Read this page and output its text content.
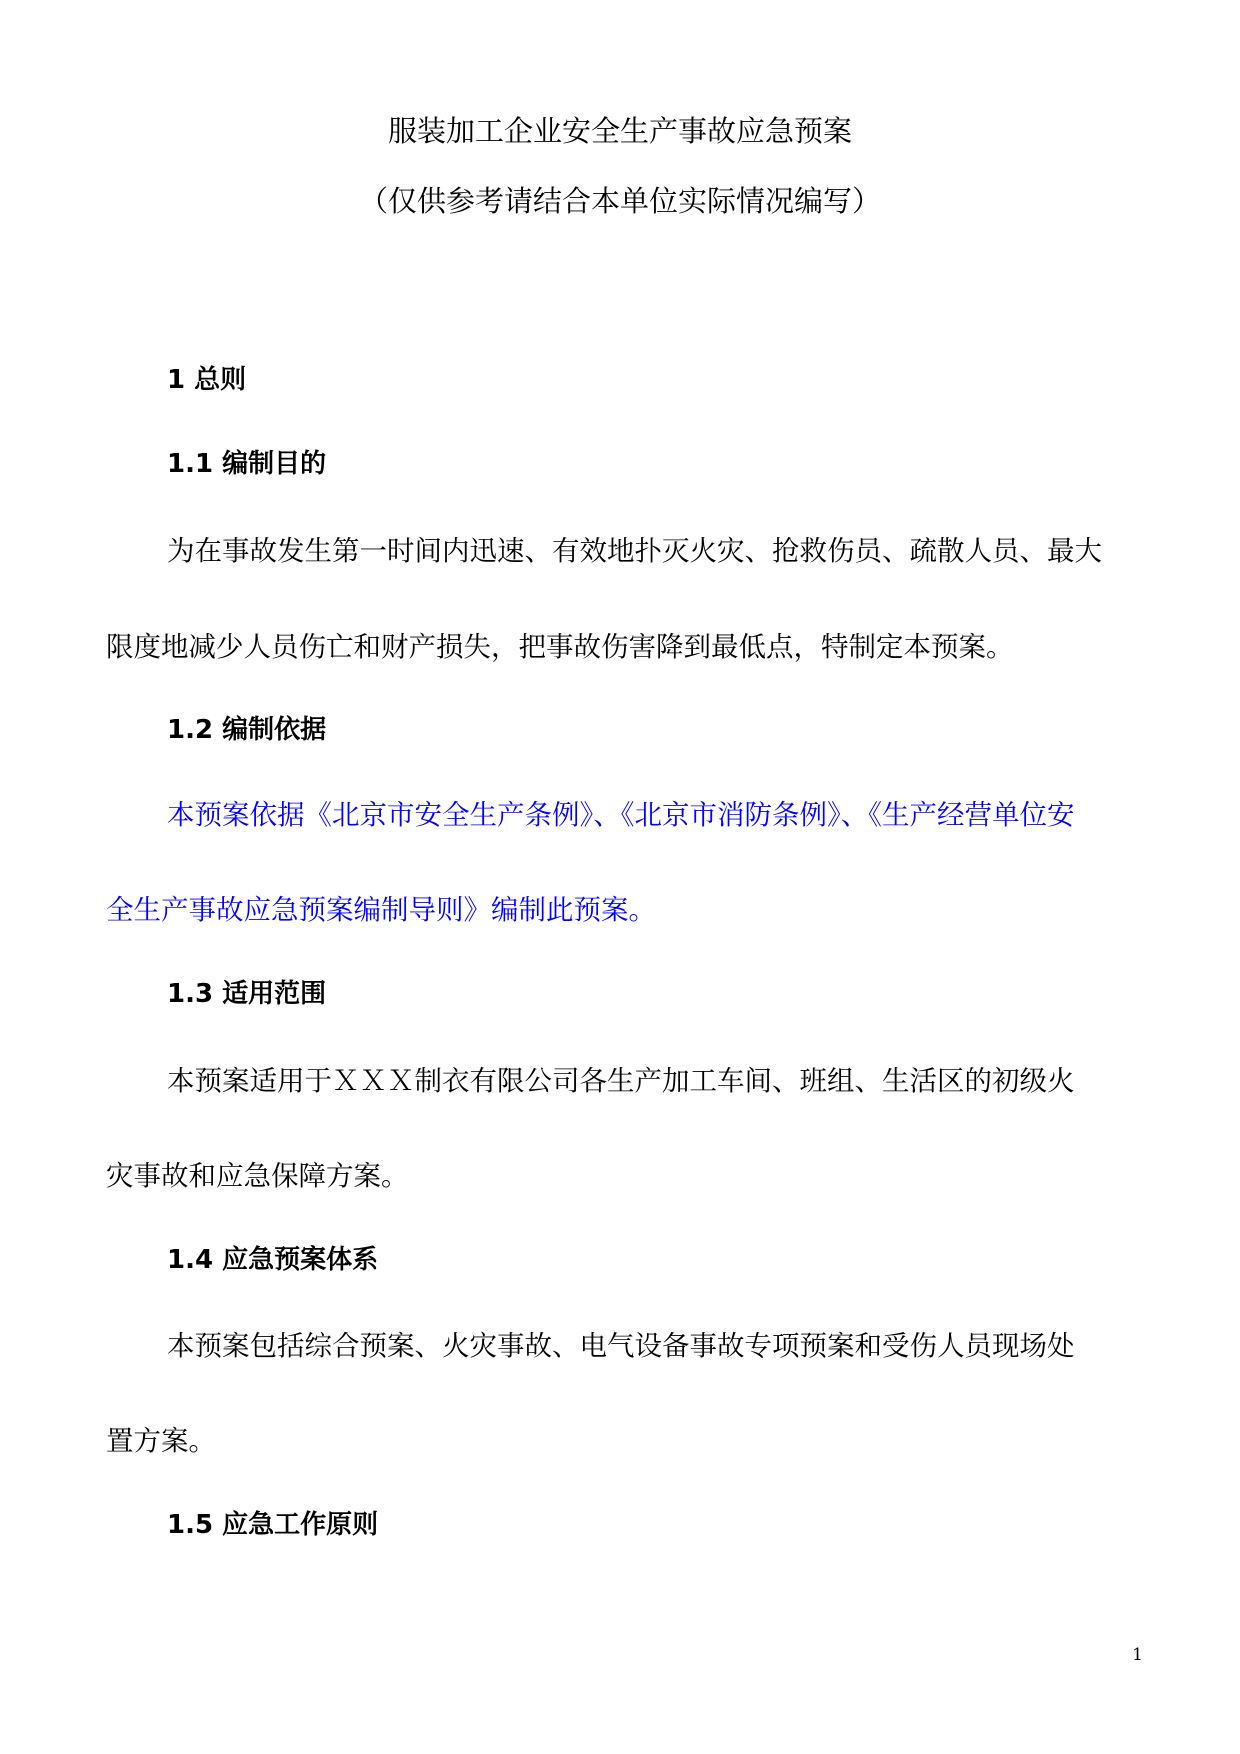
服装加工企业安全生产事故应急预案
（仅供参考请结合本单位实际情况编写）
1 总则
1.1 编制目的
为在事故发生第一时间内迅速、有效地扑灭火灾、抢救伤员、疏散人员、最大
限度地减少人员伤亡和财产损失，把事故伤害降到最低点，特制定本预案。
1.2 编制依据
本预案依据《北京市安全生产条例》、《北京市消防条例》、《生产经营单位安
全生产事故应急预案编制导则》编制此预案。
1.3 适用范围
本预案适用于ＸＸＸ制衣有限公司各生产加工车间、班组、生活区的初级火
灾事故和应急保障方案。
1.4 应急预案体系
本预案包括综合预案、火灾事故、电气设备事故专项预案和受伤人员现场处
置方案。
1.5 应急工作原则
1
